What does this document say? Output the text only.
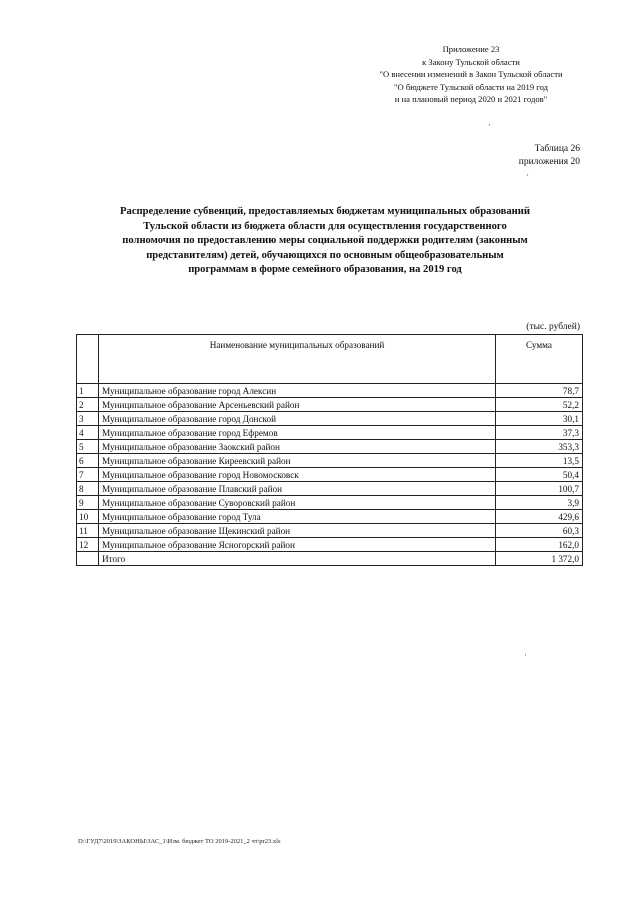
Приложение 23
к Закону Тульской области
"О внесении изменений в Закон Тульской области
"О бюджете Тульской области на 2019 год
и на плановый период 2020 и 2021 годов"
Таблица 26
приложения 20
Распределение субвенций, предоставляемых бюджетам муниципальных образований
Тульской области из бюджета области для осуществления государственного
полномочия по предоставлению меры социальной поддержки родителям (законным
представителям) детей, обучающихся по основным общеобразовательным
программам в форме семейного образования, на 2019 год
(тыс. рублей)
	Наименование муниципальных образований	Сумма
1	Муниципальное образование город Алексин	78,7
2	Муниципальное образование Арсеньевский район	52,2
3	Муниципальное образование город Донской	30,1
4	Муниципальное образование город Ефремов	37,3
5	Муниципальное образование Заокский район	353,3
6	Муниципальное образование Киреевский район	13,5
7	Муниципальное образование город Новомосковск	50,4
8	Муниципальное образование Плавский район	100,7
9	Муниципальное образование Суворовский район	3,9
10	Муниципальное образование город Тула	429,6
11	Муниципальное образование Щекинский район	60,3
12	Муниципальное образование Ясногорский район	162,0
	Итого	1 372,0
·
·
·
D:\ГУД7\2019\ЗАКОНЫ\ЗАС_1\Изм. бюджет ТО 2019-2021_2 чт\pr23.xls
